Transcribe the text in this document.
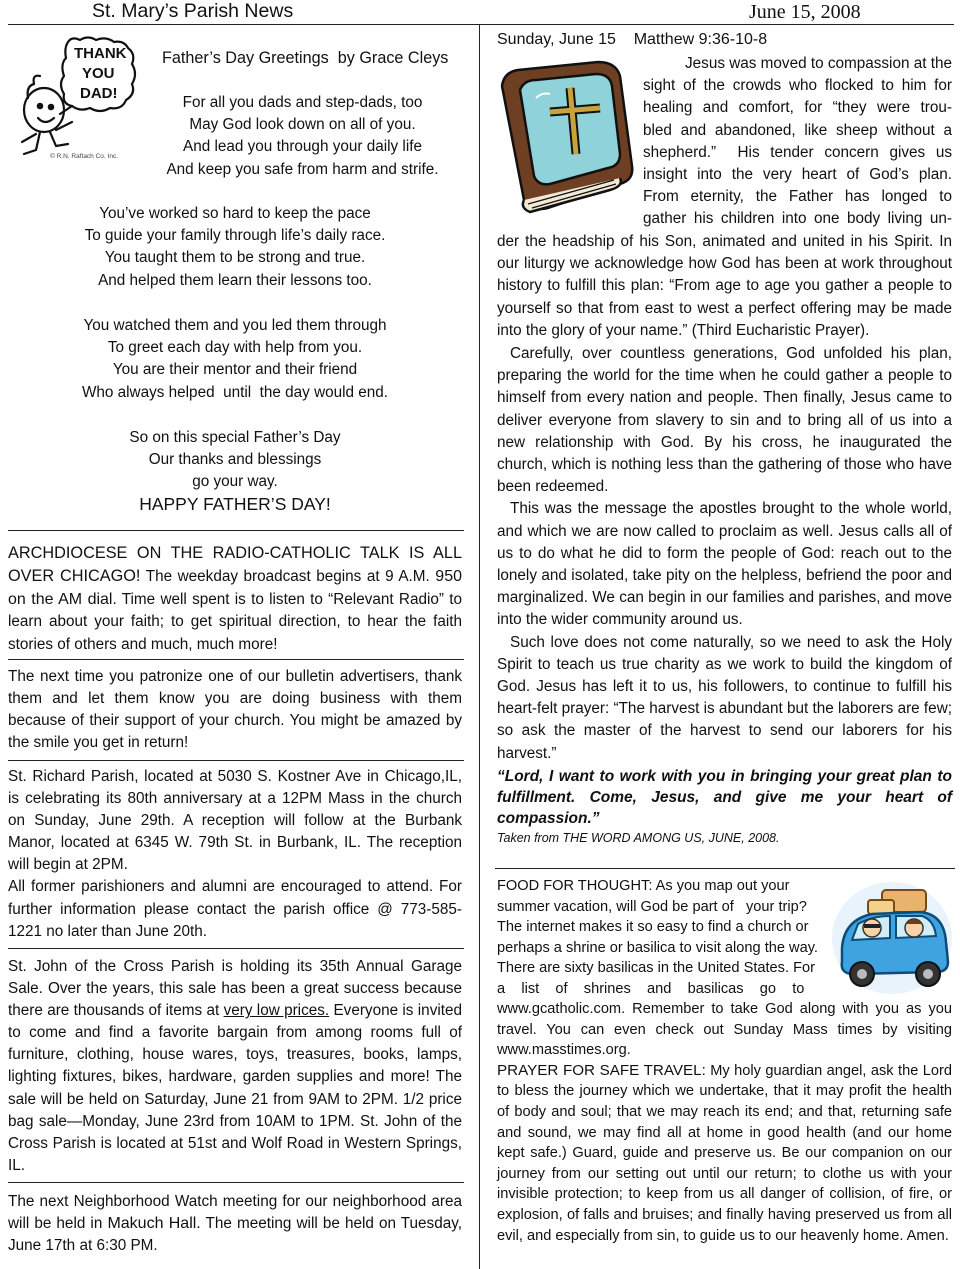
St. Mary’s Parish News	June 15, 2008
THANK
YOU
DAD!
© R.N. Raftach Co. Inc.
Father’s Day Greetings  by Grace Cleys
For all you dads and step-dads, too
May God look down on all of you.
And lead you through your daily life
And keep you safe from harm and strife.
You’ve worked so hard to keep the pace
To guide your family through life’s daily race.
You taught them to be strong and true.
And helped them learn their lessons too.
You watched them and you led them through
To greet each day with help from you.
You are their mentor and their friend
Who always helped  until  the day would end.
So on this special Father’s Day
Our thanks and blessings
go your way.
HAPPY FATHER’S DAY!
ARCHDIOCESE ON THE RADIO-CATHOLIC TALK IS ALL OVER CHICAGO! The weekday broadcast begins at 9 A.M. 950 on the AM dial. Time well spent is to listen to “Relevant Radio” to learn about your faith; to get spiritual direction, to hear the faith stories of others and much, much more!

The next time you patronize one of our bulletin advertisers, thank them and let them know you are doing business with them because of their support of your church. You might be amazed by the smile you get in return!

St. Richard Parish, located at 5030 S. Kostner Ave in Chicago,IL, is celebrating its 80th anniversary at a 12PM Mass in the church on Sunday, June 29th. A reception will follow at the Burbank Manor, located at 6345 W. 79th St. in Burbank, IL. The reception will begin at 2PM.

All former parishioners and alumni are encouraged to attend. For further information please contact the parish office @ 773-585-1221 no later than June 20th.

St. John of the Cross Parish is holding its 35th Annual Garage Sale. Over the years, this sale has been a great success because there are thousands of items at very low prices. Everyone is invited to come and find a favorite bargain from among rooms full of furniture, clothing, house wares, toys, treasures, books, lamps, lighting fixtures, bikes, hardware, garden supplies and more! The sale will be held on Saturday, June 21 from 9AM to 2PM. 1/2 price bag sale—Monday, June 23rd from 10AM to 1PM. St. John of the Cross Parish is located at 51st and Wolf Road in Western Springs, IL.

The next Neighborhood Watch meeting for our neighborhood area will be held in Makuch Hall. The meeting will be held on Tuesday, June 17th at 6:30 PM.

Sunday, June 15    Matthew 9:36-10-8
Jesus was moved to compassion at the
sight of the crowds who flocked to him for
healing and comfort, for “they were trou-
bled and abandoned, like sheep without a
shepherd.”  His tender concern gives us
insight into the very heart of God’s plan.
From eternity, the Father has longed to
gather his children into one body living un-

der the headship of his Son, animated and united in his Spirit. In our liturgy we acknowledge how God has been at work throughout history to fulfill this plan: “From age to age you gather a people to yourself so that from east to west a perfect offering may be made into the glory of your name.” (Third Eucharistic Prayer).

Carefully, over countless generations, God unfolded his plan, preparing the world for the time when he could gather a people to himself from every nation and people. Then finally, Jesus came to deliver everyone from slavery to sin and to bring all of us into a new relationship with God. By his cross, he inaugurated the church, which is nothing less than the gathering of those who have been redeemed.

This was the message the apostles brought to the whole world, and which we are now called to proclaim as well. Jesus calls all of us to do what he did to form the people of God: reach out to the lonely and isolated, take pity on the helpless, befriend the poor and marginalized. We can begin in our families and parishes, and move into the wider community around us.

Such love does not come naturally, so we need to ask the Holy Spirit to teach us true charity as we work to build the kingdom of God. Jesus has left it to us, his followers, to continue to fulfill his heart-felt prayer: “The harvest is abundant but the laborers are few; so ask the master of the harvest to send our laborers for his harvest.”

“Lord, I want to work with you in bringing your great plan to fulfillment. Come, Jesus, and give me your heart of compassion.”

Taken from THE WORD AMONG US, JUNE, 2008.

FOOD FOR THOUGHT: As you map out your
summer vacation, will God be part of   your trip?
The internet makes it so easy to find a church or
perhaps a shrine or basilica to visit along the way.
There are sixty basilicas in the United States. For
a    list    of    shrines    and    basilicas    go    to

www.gcatholic.com. Remember to take God along with you as you travel. You can even check out Sunday Mass times by visiting www.masstimes.org.

PRAYER FOR SAFE TRAVEL: My holy guardian angel, ask the Lord to bless the journey which we undertake, that it may profit the health of body and soul; that we may reach its end; and that, returning safe and sound, we may find all at home in good health (and our home kept safe.) Guard, guide and preserve us. Be our companion on our journey from our setting out until our return; to clothe us with your invisible protection; to keep from us all danger of collision, of fire, or explosion, of falls and bruises; and finally having preserved us from all evil, and especially from sin, to guide us to our heavenly home. Amen.
